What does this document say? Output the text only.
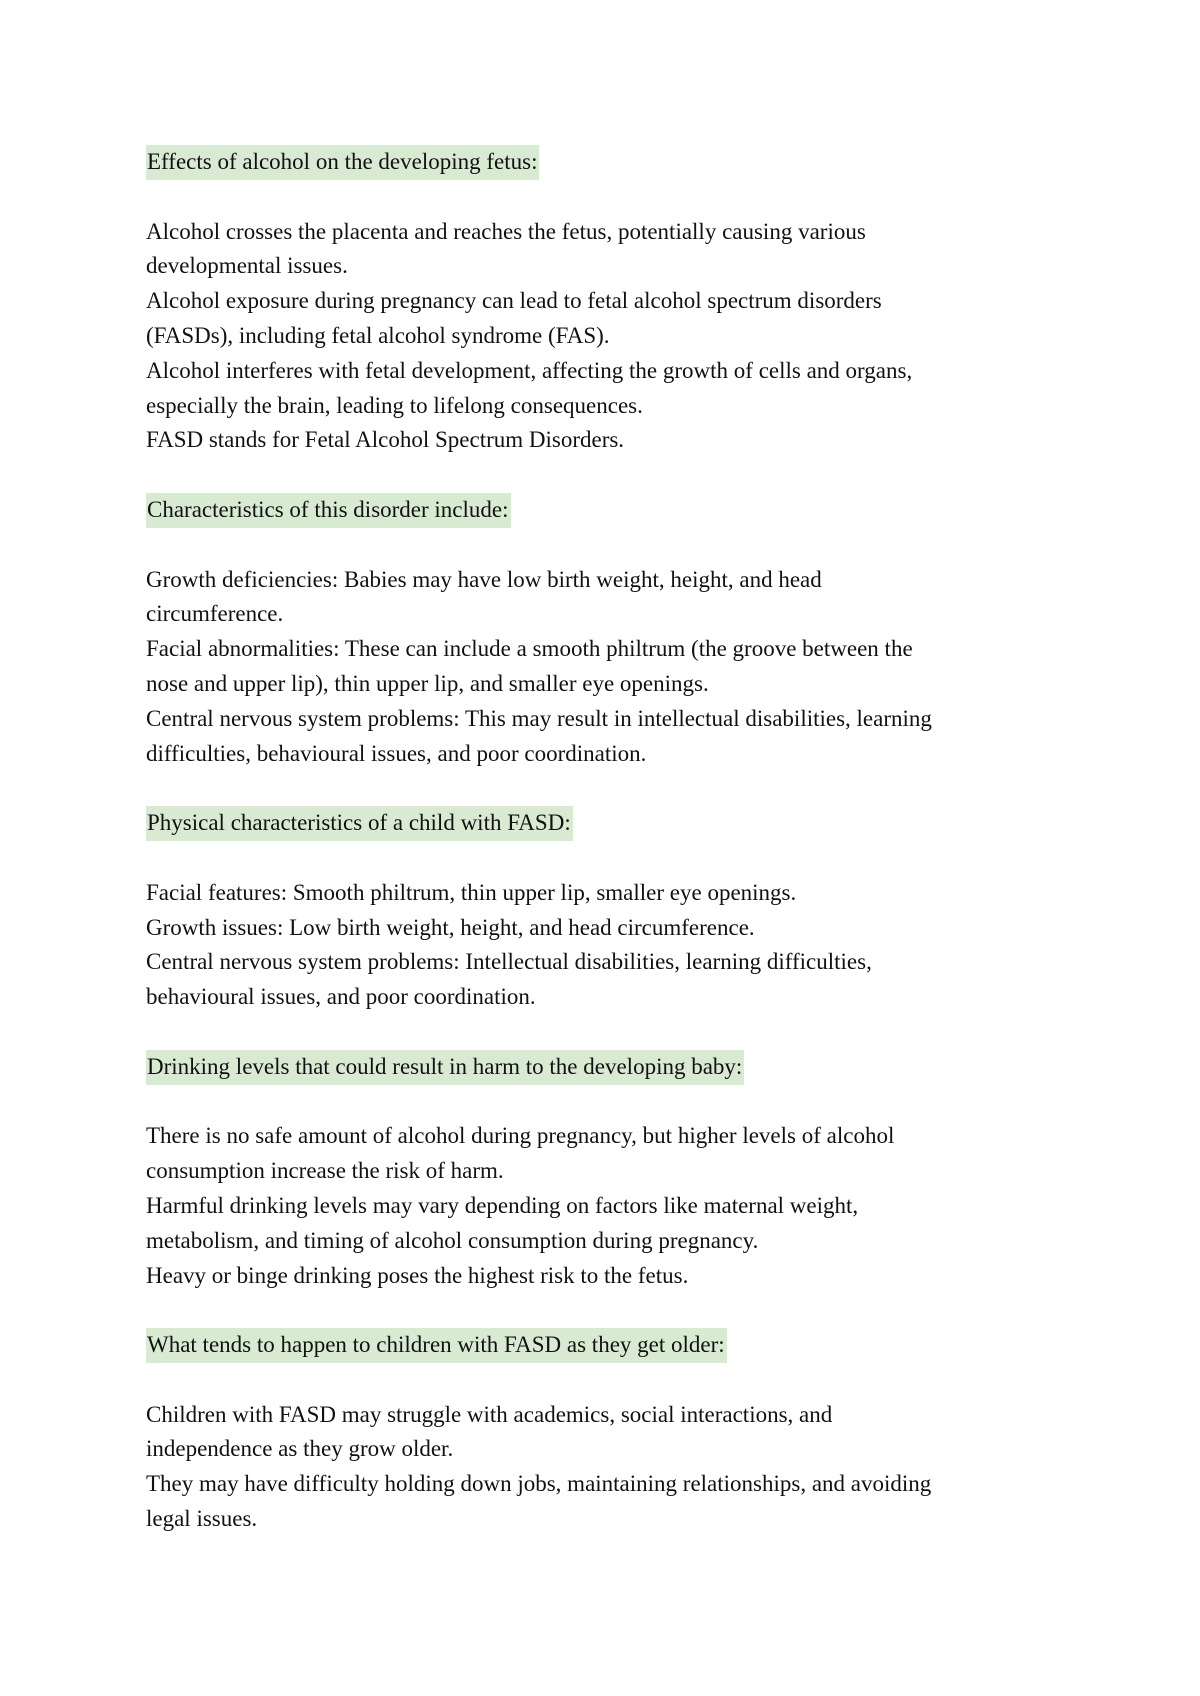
Effects of alcohol on the developing fetus:

Alcohol crosses the placenta and reaches the fetus, potentially causing various
developmental issues.

Alcohol exposure during pregnancy can lead to fetal alcohol spectrum disorders
(FASDs), including fetal alcohol syndrome (FAS).

Alcohol interferes with fetal development, affecting the growth of cells and organs,
especially the brain, leading to lifelong consequences.

FASD stands for Fetal Alcohol Spectrum Disorders.

Characteristics of this disorder include:

Growth deficiencies: Babies may have low birth weight, height, and head
circumference.

Facial abnormalities: These can include a smooth philtrum (the groove between the
nose and upper lip), thin upper lip, and smaller eye openings.

Central nervous system problems: This may result in intellectual disabilities, learning
difficulties, behavioural issues, and poor coordination.

Physical characteristics of a child with FASD:

Facial features: Smooth philtrum, thin upper lip, smaller eye openings.

Growth issues: Low birth weight, height, and head circumference.

Central nervous system problems: Intellectual disabilities, learning difficulties,
behavioural issues, and poor coordination.

Drinking levels that could result in harm to the developing baby:

There is no safe amount of alcohol during pregnancy, but higher levels of alcohol
consumption increase the risk of harm.

Harmful drinking levels may vary depending on factors like maternal weight,
metabolism, and timing of alcohol consumption during pregnancy.

Heavy or binge drinking poses the highest risk to the fetus.

What tends to happen to children with FASD as they get older:

Children with FASD may struggle with academics, social interactions, and
independence as they grow older.

They may have difficulty holding down jobs, maintaining relationships, and avoiding
legal issues.
